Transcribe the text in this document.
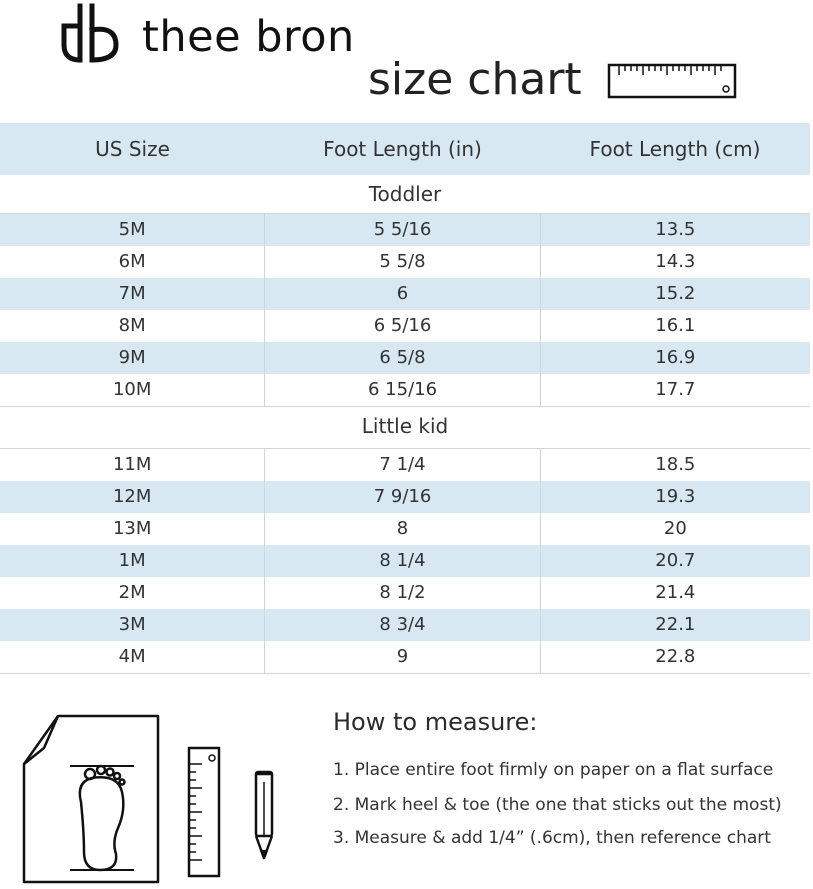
thee bron
size chart
US Size	Foot Length (in)	Foot Length (cm)
Toddler
5M	5 5/16	13.5
6M	5 5/8	14.3
7M	6	15.2
8M	6 5/16	16.1
9M	6 5/8	16.9
10M	6 15/16	17.7
Little kid
11M	7 1/4	18.5
12M	7 9/16	19.3
13M	8	20
1M	8 1/4	20.7
2M	8 1/2	21.4
3M	8 3/4	22.1
4M	9	22.8
How to measure:
1. Place entire foot firmly on paper on a flat surface
2. Mark heel & toe (the one that sticks out the most)
3. Measure & add 1/4” (.6cm), then reference chart
